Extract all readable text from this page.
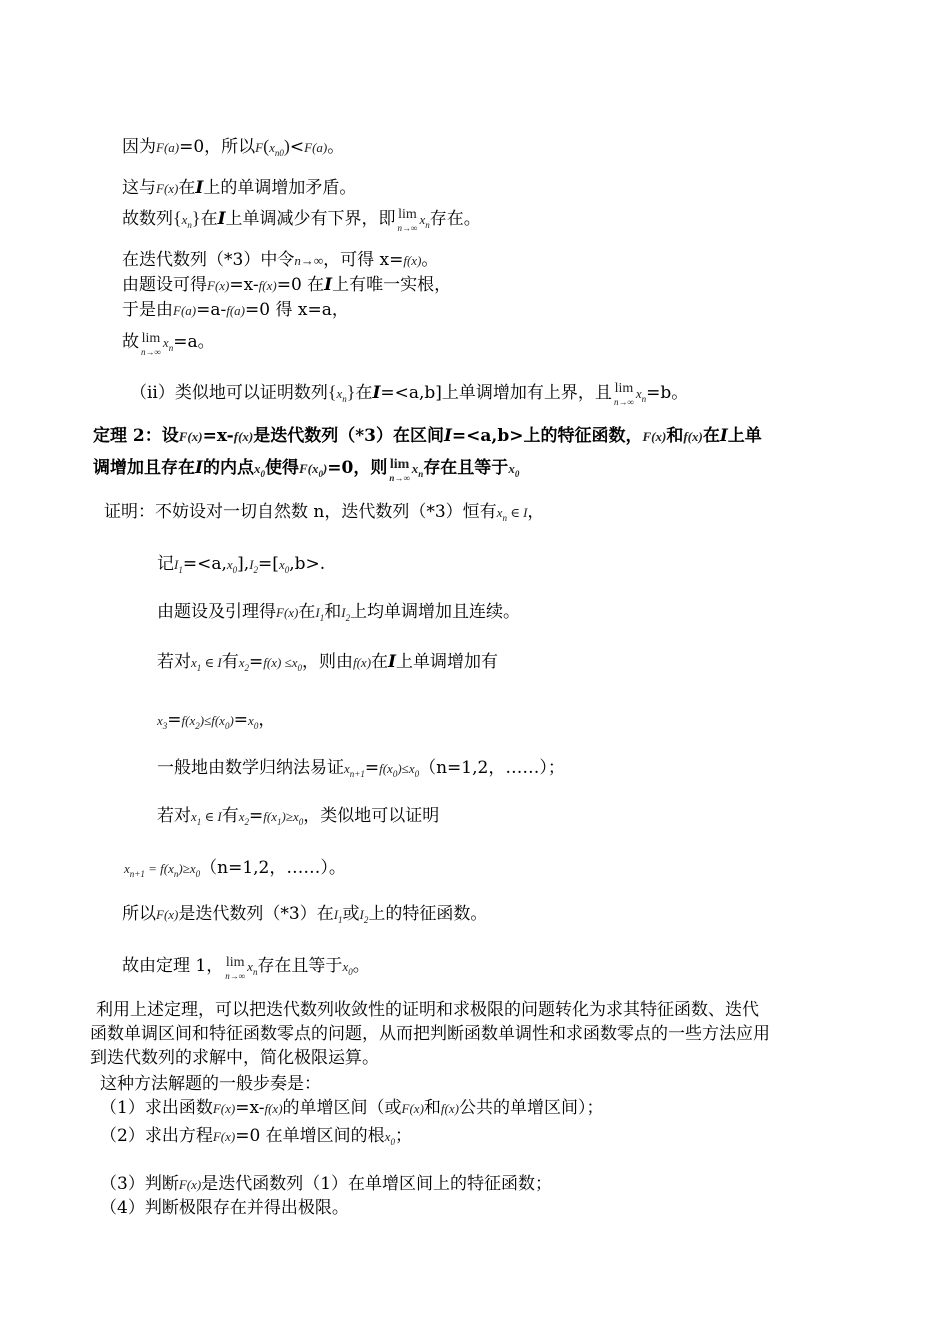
因为F(a)=0，所以$F(x_{n0})<F(a)$。
这与F(x)在I上的单调增加矛盾。
故数列$\{x_n\}$在I上单调减少有下界，即 lim
n→∞
$x_n$存在。
在迭代数列（*3）中令n→∞，可得 x=f(x)。
由题设可得F(x)=x-f(x)=0 在I上有唯一实根，
于是由F(a)=a-f(a)=0 得 x=a，
故 lim
n→∞
$x_n=a$。
（ii）类似地可以证明数列$\{x_n\}$在I=<a,b]上单调增加有上界，且 lim
n→∞
$x_n=b$。
定理 2：设F(x)=x-f(x)是迭代数列（*3）在区间I=<a,b>上的特征函数，F(x)和f(x)在I上单
调增加且存在I的内点$x_0$使得$F(x_0)=0$，则 lim
n→∞
$x_n$存在且等于$x_0$
证明：不妨设对一切自然数 n，迭代数列（*3）恒有$x_n$ ∈ I，
记$I_1=<a,x_0],I_2=[x_0,b>$.
由题设及引理得F(x)在$I_1$和$I_2$上均单调增加且连续。
若对$x_1$ ∈ I有$x_2=f(x) \le x_0$，则由f(x)在I上单调增加有
$x_3=f(x_2)\le f(x_0)=x_0$，
一般地由数学归纳法易证$x_{n+1}=f(x_0)\le x_0(n=1,2$，……）；
若对$x_1$ ∈ I有$x_2=f(x_1)\ge x_0$，类似地可以证明
$x_{n+1} = f(x_n)\ge x_0(n=1,2$，……）。
所以F(x)是迭代数列（*3）在$I_1$或$I_2$上的特征函数。
故由定理 1， lim
n→∞
$x_n$存在且等于$x_0$。
利用上述定理，可以把迭代数列收敛性的证明和求极限的问题转化为求其特征函数、迭代
函数单调区间和特征函数零点的问题，从而把判断函数单调性和求函数零点的一些方法应用
到迭代数列的求解中，简化极限运算。
这种方法解题的一般步奏是：
（1）求出函数F(x)=x-f(x)的单增区间（或F(x)和f(x)公共的单增区间）；
（2）求出方程F(x)=0 在单增区间的根$x_0$；
（3）判断F(x)是迭代函数列（1）在单增区间上的特征函数；
（4）判断极限存在并得出极限。
